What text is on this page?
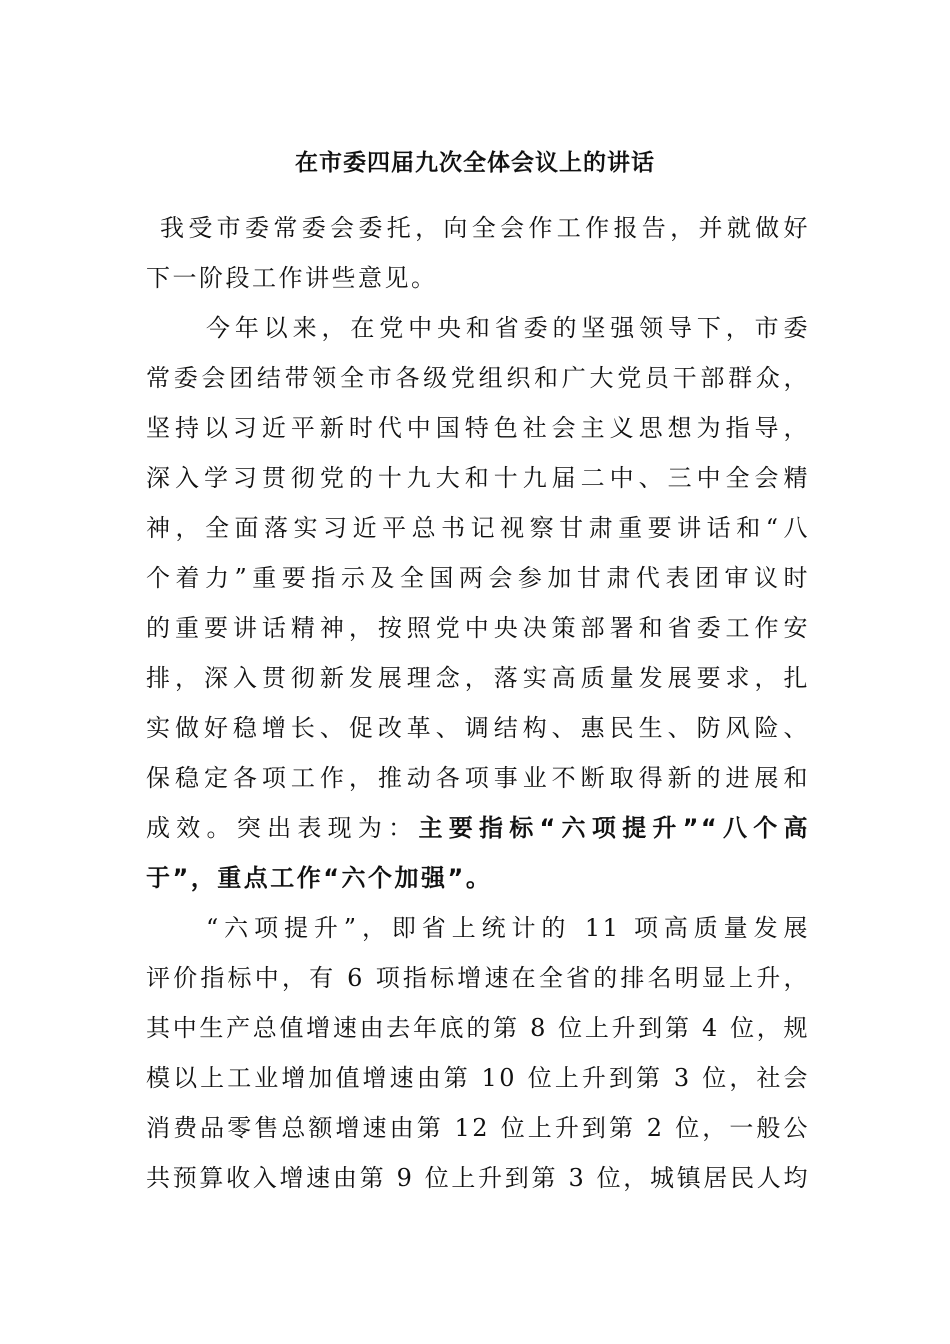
在市委四届九次全体会议上的讲话
我受市委常委会委托，向全会作工作报告，并就做好
下一阶段工作讲些意见。
今年以来，在党中央和省委的坚强领导下，市委
常委会团结带领全市各级党组织和广大党员干部群众，
坚持以习近平新时代中国特色社会主义思想为指导，
深入学习贯彻党的十九大和十九届二中、三中全会精
神，全面落实习近平总书记视察甘肃重要讲话和“八
个着力”重要指示及全国两会参加甘肃代表团审议时
的重要讲话精神，按照党中央决策部署和省委工作安
排，深入贯彻新发展理念，落实高质量发展要求，扎
实做好稳增长、促改革、调结构、惠民生、防风险、
保稳定各项工作，推动各项事业不断取得新的进展和
成效。突出表现为：主要指标“六项提升”“八个高
于”，重点工作“六个加强”。
“六项提升”，即省上统计的 11 项高质量发展
评价指标中，有 6 项指标增速在全省的排名明显上升，
其中生产总值增速由去年底的第 8 位上升到第 4 位，规
模以上工业增加值增速由第 10 位上升到第 3 位，社会
消费品零售总额增速由第 12 位上升到第 2 位，一般公
共预算收入增速由第 9 位上升到第 3 位，城镇居民人均
